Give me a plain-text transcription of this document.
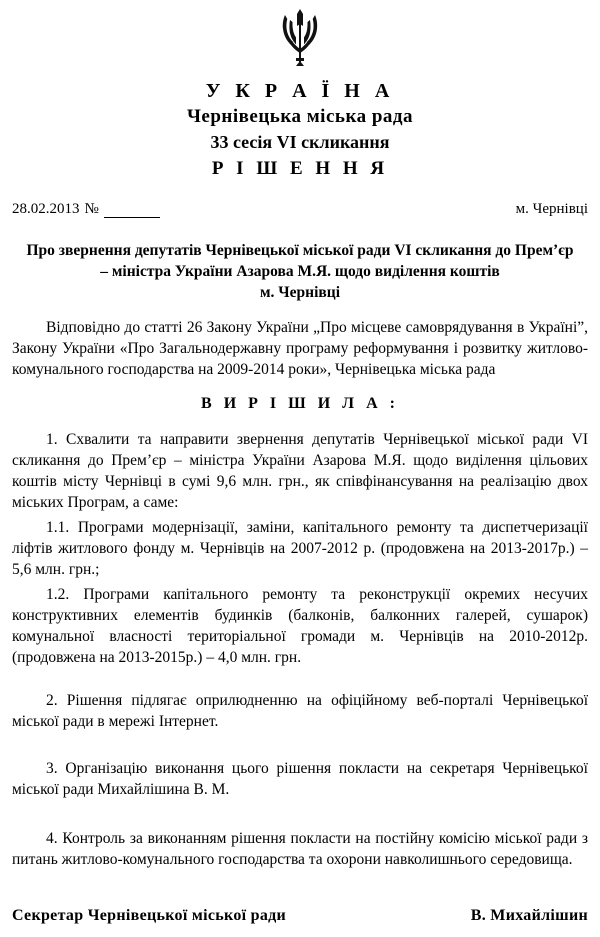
У К Р А Ї Н А
Чернівецька міська рада
33 сесія VI скликання
Р І Ш Е Н Н Я
28.02.2013 №	м. Чернівці
Про звернення депутатів Чернівецької міської ради VI скликання до Прем’єр – міністра України Азарова М.Я. щодо виділення коштів
м. Чернівці
Відповідно до статті 26 Закону України „Про місцеве самоврядування в Україні”, Закону України «Про Загальнодержавну програму реформування і розвитку житлово-комунального господарства на 2009-2014 роки», Чернівецька міська рада
В И Р І Ш И Л А :
1. Схвалити та направити звернення депутатів Чернівецької міської ради VI скликання до Прем’єр – міністра України Азарова М.Я. щодо виділення цільових коштів місту Чернівці в сумі 9,6 млн. грн., як співфінансування на реалізацію двох міських Програм, а саме:
1.1. Програми модернізації, заміни, капітального ремонту та диспетчеризації ліфтів житлового фонду м. Чернівців на 2007-2012 р. (продовжена на 2013-2017р.) – 5,6 млн. грн.;
1.2. Програми капітального ремонту та реконструкції окремих несучих конструктивних елементів будинків (балконів, балконних галерей, сушарок) комунальної власності територіальної громади м. Чернівців на 2010-2012р. (продовжена на 2013-2015р.) – 4,0 млн. грн.
2. Рішення підлягає оприлюдненню на офіційному веб-порталі Чернівецької міської ради в мережі Інтернет.
3. Організацію виконання цього рішення покласти на секретаря Чернівецької міської ради Михайлішина В. М.
4. Контроль за виконанням рішення покласти на постійну комісію міської ради з питань житлово-комунального господарства та охорони навколишнього середовища.
Секретар Чернівецької міської ради	В. Михайлішин
